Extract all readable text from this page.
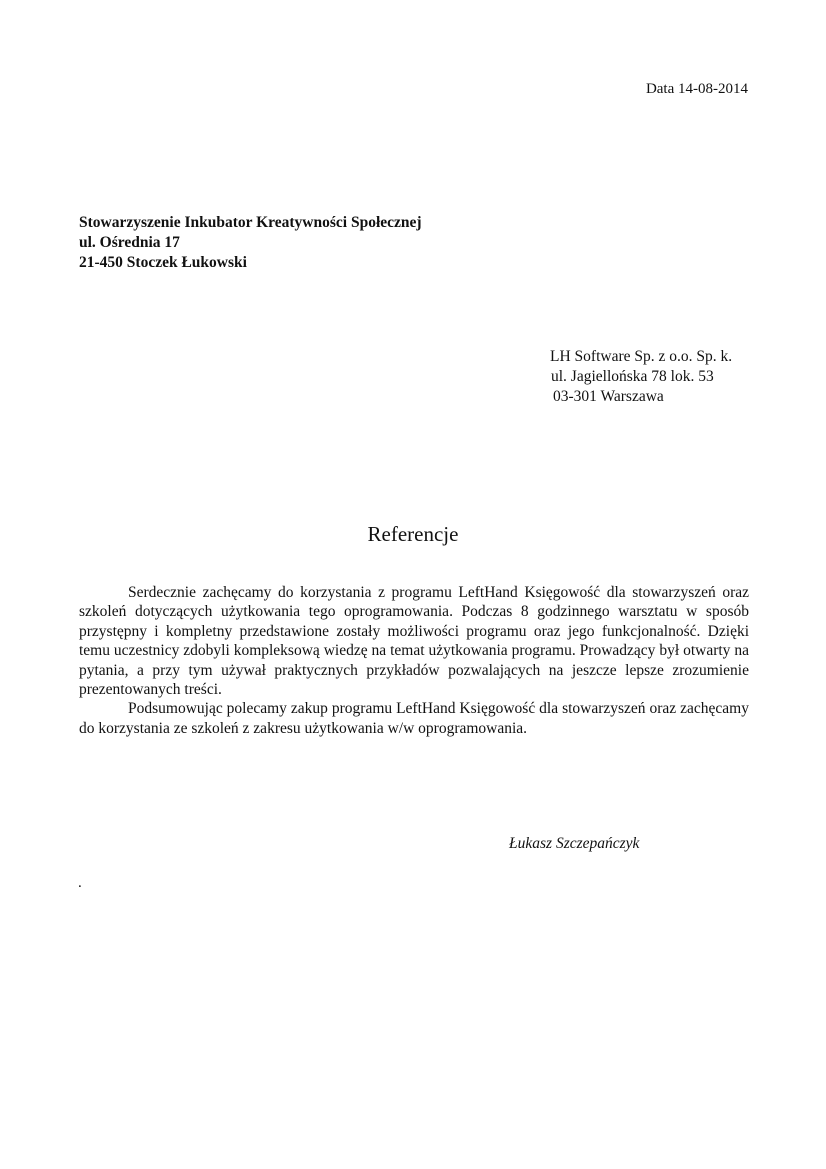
Data 14-08-2014
Stowarzyszenie Inkubator Kreatywności Społecznej
ul. Ośrednia 17
21-450 Stoczek Łukowski
LH Software Sp. z o.o. Sp. k.
ul. Jagiellońska 78 lok. 53
03-301 Warszawa
Referencje

Serdecznie zachęcamy do korzystania z programu LeftHand Księgowość dla stowarzyszeń oraz szkoleń dotyczących użytkowania tego oprogramowania. Podczas 8 godzinnego warsztatu w sposób przystępny i kompletny przedstawione zostały możliwości programu oraz jego funkcjonalność. Dzięki temu uczestnicy zdobyli kompleksową wiedzę na temat użytkowania programu. Prowadzący był otwarty na pytania, a przy tym używał praktycznych przykładów pozwalających na jeszcze lepsze zrozumienie prezentowanych treści.

Podsumowując polecamy zakup programu LeftHand Księgowość dla stowarzyszeń oraz zachęcamy do korzystania ze szkoleń z zakresu użytkowania w/w oprogramowania.

Łukasz Szczepańczyk
.
